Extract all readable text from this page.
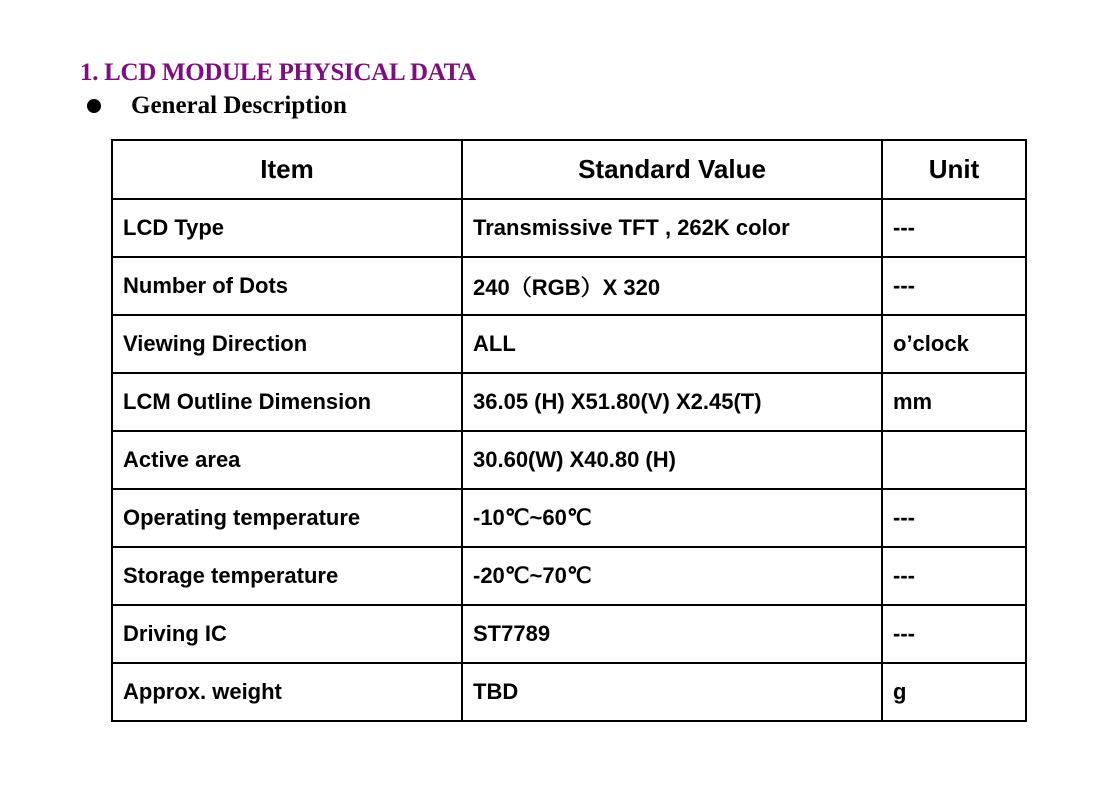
1. LCD MODULE PHYSICAL DATA
General Description
Item	Standard Value	Unit
LCD Type	Transmissive TFT , 262K color	---
Number of Dots	240（RGB）X 320	---
Viewing Direction	ALL	o’clock
LCM Outline Dimension	36.05 (H) X51.80(V) X2.45(T)	mm
Active area	30.60(W) X40.80 (H)	
Operating temperature	-10℃~60℃	---
Storage temperature	-20℃~70℃	---
Driving IC	ST7789	---
Approx. weight	TBD	g
